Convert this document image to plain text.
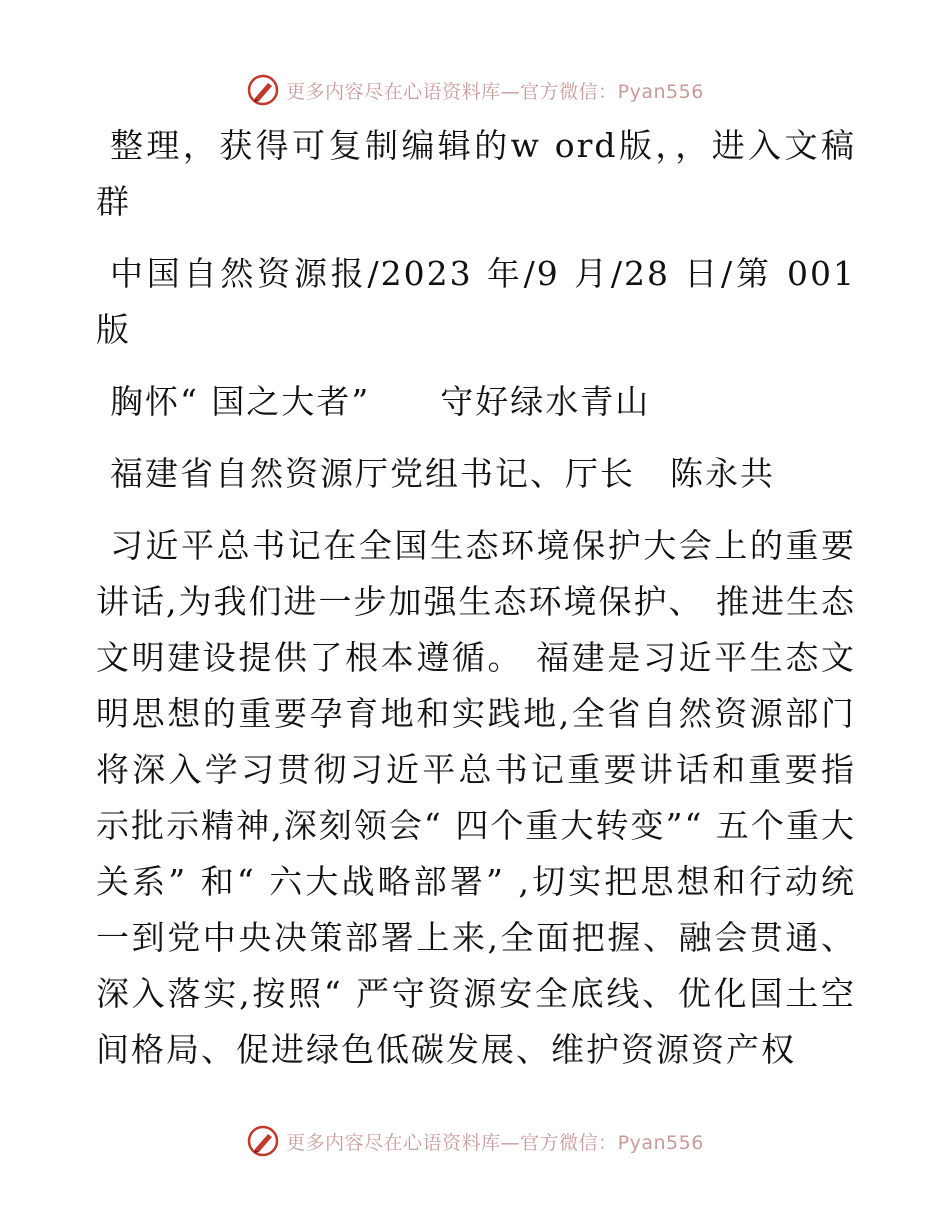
更多内容尽在心语资料库—官方微信：Pyan556

整理，获得可复制编辑的w ord版，，进入文稿群

中国自然资源报/2023 年/9 月/28 日/第 001 版

胸怀“ 国之大者”　　守好绿水青山

福建省自然资源厅党组书记、厅长　陈永共

习近平总书记在全国生态环境保护大会上的重要讲话,为我们进一步加强生态环境保护、 推进生态文明建设提供了根本遵循。 福建是习近平生态文明思想的重要孕育地和实践地,全省自然资源部门将深入学习贯彻习近平总书记重要讲话和重要指示批示精神,深刻领会“ 四个重大转变”“ 五个重大关系” 和“ 六大战略部署” ,切实把思想和行动统一到党中央决策部署上来,全面把握、融会贯通、深入落实,按照“ 严守资源安全底线、优化国土空间格局、促进绿色低碳发展、维护资源资产权

更多内容尽在心语资料库—官方微信：Pyan556
